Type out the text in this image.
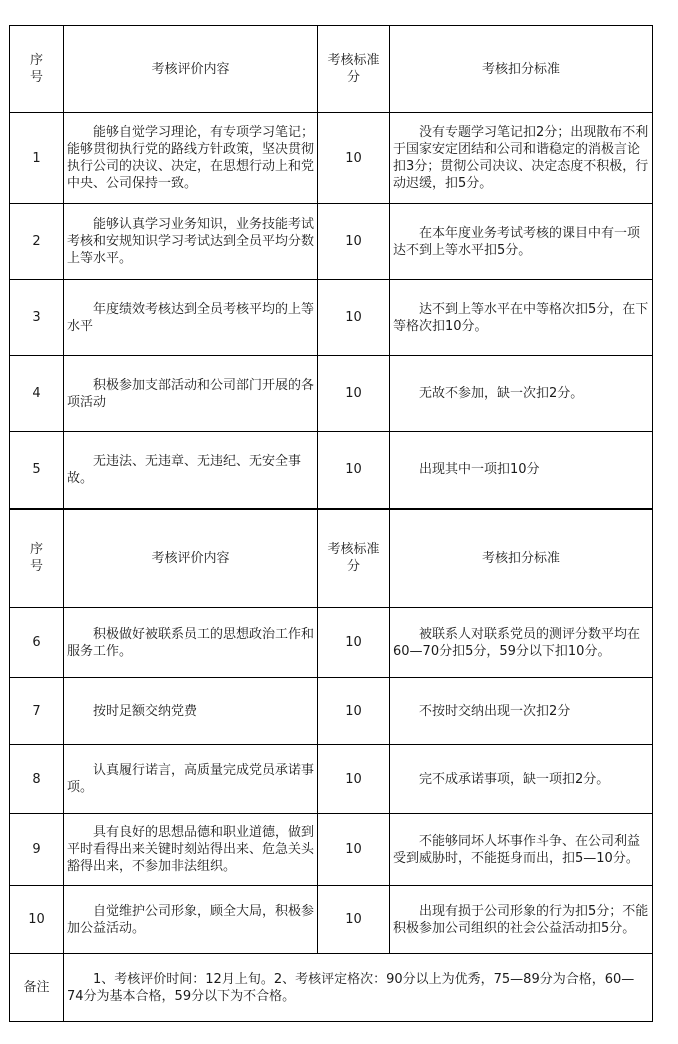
序号	考核评价内容	考核标准 分	考核扣分标准
1	能够自觉学习理论，有专项学习笔记；能够贯彻执行党的路线方针政策，坚决贯彻执行公司的决议、决定，在思想行动上和党中央、公司保持一致。	10	没有专题学习笔记扣2分；出现散布不利于国家安定团结和公司和谐稳定的消极言论扣3分；贯彻公司决议、决定态度不积极，行动迟缓，扣5分。
2	能够认真学习业务知识，业务技能考试考核和安规知识学习考试达到全员平均分数上等水平。	10	在本年度业务考试考核的课目中有一项达不到上等水平扣5分。
3	年度绩效考核达到全员考核平均的上等水平	10	达不到上等水平在中等格次扣5分，在下等格次扣10分。
4	积极参加支部活动和公司部门开展的各项活动	10	无故不参加，缺一次扣2分。
5	无违法、无违章、无违纪、无安全事故。	10	出现其中一项扣10分
序号	考核评价内容	考核标准 分	考核扣分标准
6	积极做好被联系员工的思想政治工作和服务工作。	10	被联系人对联系党员的测评分数平均在60—70分扣5分，59分以下扣10分。
7	按时足额交纳党费	10	不按时交纳出现一次扣2分
8	认真履行诺言，高质量完成党员承诺事项。	10	完不成承诺事项，缺一项扣2分。
9	具有良好的思想品德和职业道德，做到平时看得出来关键时刻站得出来、危急关头豁得出来，不参加非法组织。	10	不能够同坏人坏事作斗争、在公司利益受到威胁时，不能挺身而出，扣5—10分。
10	自觉维护公司形象，顾全大局，积极参加公益活动。	10	出现有损于公司形象的行为扣5分；不能积极参加公司组织的社会公益活动扣5分。
备注	1、考核评价时间：12月上旬。2、考核评定格次：90分以上为优秀，75—89分为合格，60—74分为基本合格，59分以下为不合格。		
